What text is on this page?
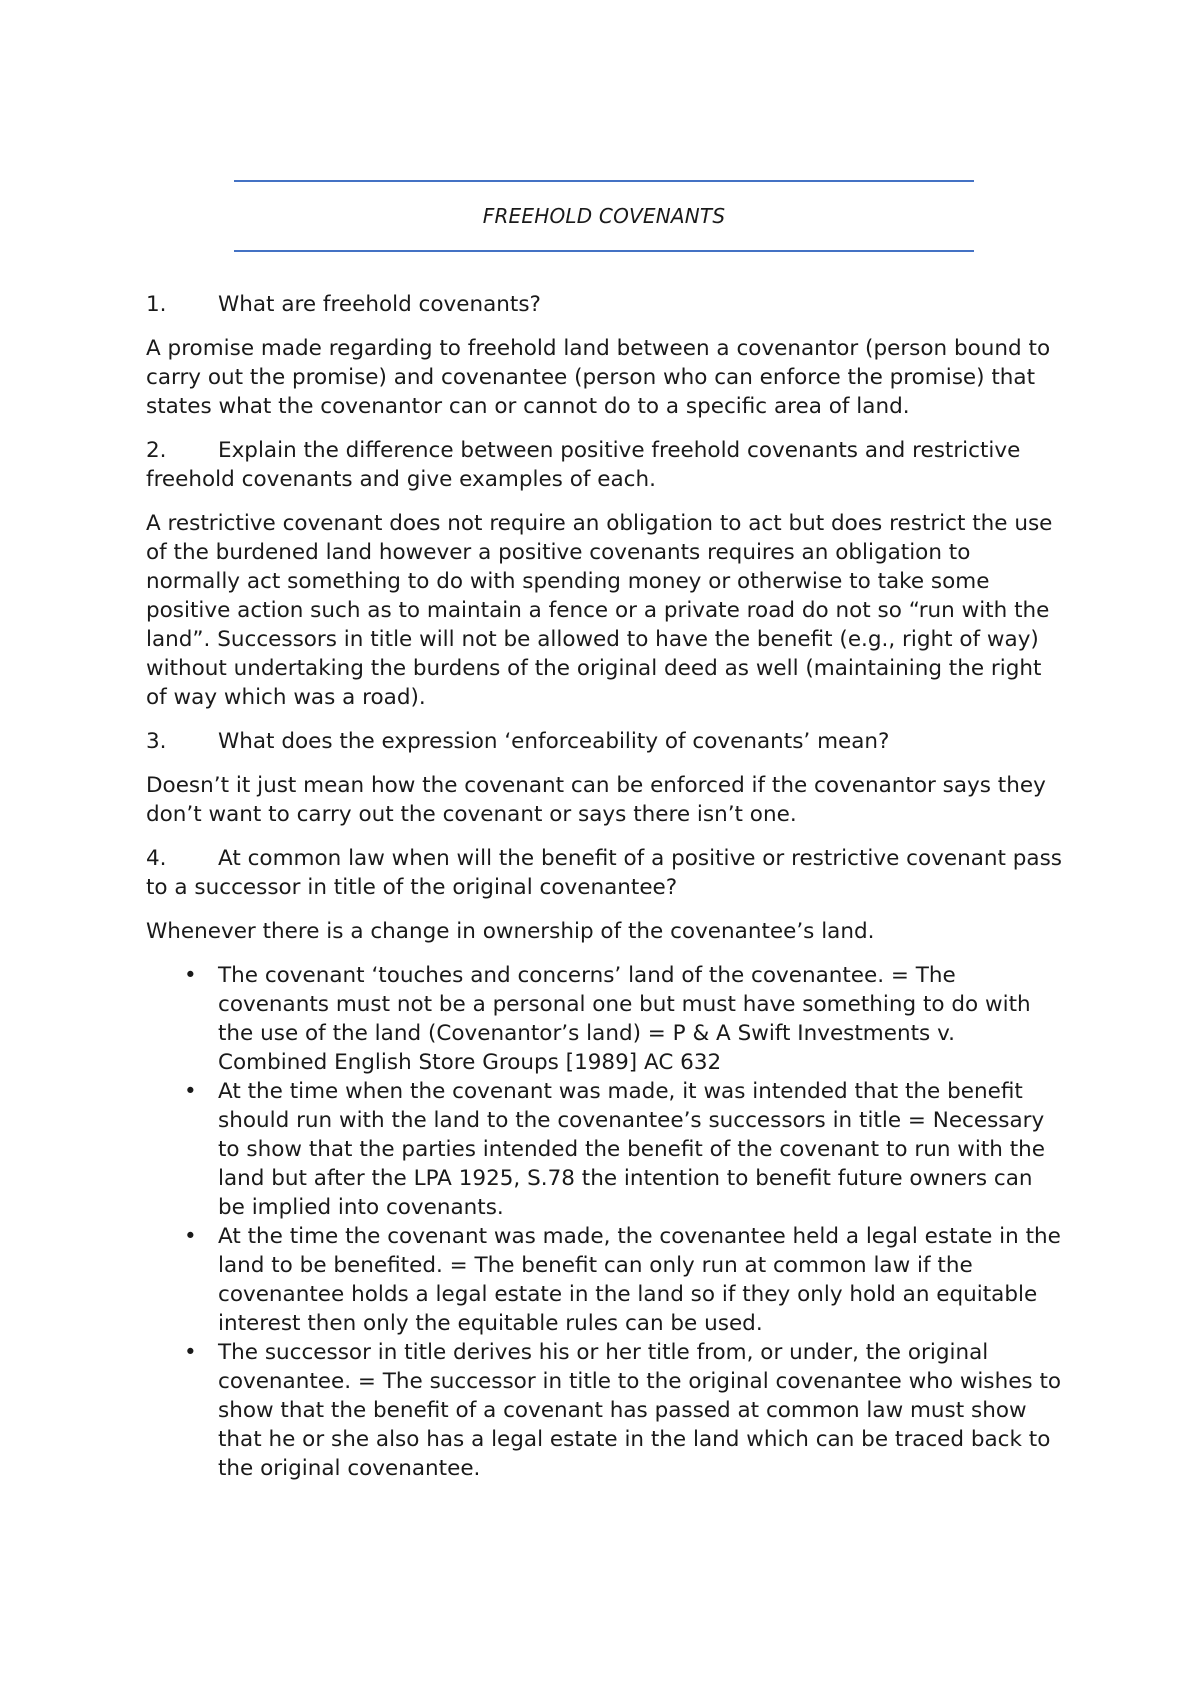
FREEHOLD COVENANTS
1.	What are freehold covenants?

A promise made regarding to freehold land between a covenantor (person bound to carry out the promise) and covenantee (person who can enforce the promise) that states what the covenantor can or cannot do to a specific area of land.

2. Explain the difference between positive freehold covenants and restrictive freehold covenants and give examples of each.

A restrictive covenant does not require an obligation to act but does restrict the use of the burdened land however a positive covenants requires an obligation to normally act something to do with spending money or otherwise to take some positive action such as to maintain a fence or a private road do not so “run with the land”. Successors in title will not be allowed to have the benefit (e.g., right of way) without undertaking the burdens of the original deed as well (maintaining the right of way which was a road).

3.	What does the expression ‘enforceability of covenants’ mean?

Doesn’t it just mean how the covenant can be enforced if the covenantor says they don’t want to carry out the covenant or says there isn’t one.

4. At common law when will the benefit of a positive or restrictive covenant pass to a successor in title of the original covenantee?

Whenever there is a change in ownership of the covenantee’s land.

• The covenant ‘touches and concerns’ land of the covenantee. = The covenants must not be a personal one but must have something to do with the use of the land (Covenantor’s land) = P & A Swift Investments v. Combined English Store Groups [1989] AC 632
• At the time when the covenant was made, it was intended that the benefit should run with the land to the covenantee’s successors in title = Necessary to show that the parties intended the benefit of the covenant to run with the land but after the LPA 1925, S.78 the intention to benefit future owners can be implied into covenants.
• At the time the covenant was made, the covenantee held a legal estate in the land to be benefited. = The benefit can only run at common law if the covenantee holds a legal estate in the land so if they only hold an equitable interest then only the equitable rules can be used.
• The successor in title derives his or her title from, or under, the original covenantee. = The successor in title to the original covenantee who wishes to show that the benefit of a covenant has passed at common law must show that he or she also has a legal estate in the land which can be traced back to the original covenantee.
